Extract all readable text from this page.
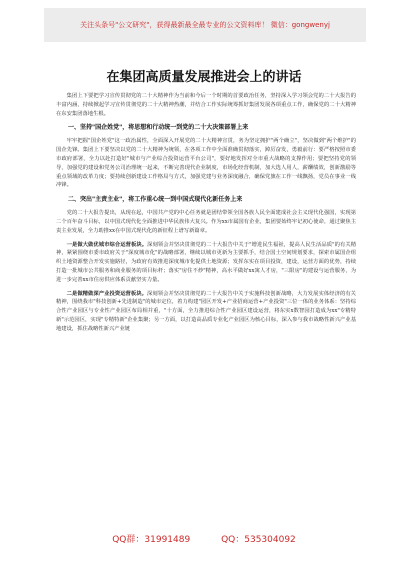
关注头条号"公文研究"，获得最新最全最专业的公文资料库！ 微信：gongwenyj
在集团高质量发展推进会上的讲话

集团上下要把学习宣传贯彻党的二十大精神作为当前和今后一个时期的首要政治任务，坚持深入学习领会党的二十大报告的丰富内涵，持续掀起学习宣传贯彻党的二十大精神热潮，并结合工作实际统筹抓好集团发展各项重点工作，确保党的二十大精神在东安集团落地生根。

一、坚持"国企姓党"，将思想和行动统一到党的二十大决策部署上来

牢牢把握"国企姓党"这一政治属性，全面深入开展党的二十大精神宣贯，务为坚定拥护"两个确立"，坚决做到"两个维护"的国企先锋。集团上下要坚决以党的二十大精神为统领，在各项工作中全面准确贯彻落实，踔厉奋发，勇毅前行：要严格按照市委市政府部署，全力以赴打造好"城市与产业综合投资运营平台公司"，要好地发挥对全市重大战略的支撑作用；要把坚持党的领导，加强党的建设和党务公司治理统一起来，不断完善现代企业制度，市场化经营机制，加大选人用人，薪酬绩效，创新激励等重点领域的改革力度；要持续创新建设工作格局与方式，加强党建与业务深度融合，确保党旗在工作一线飘扬，党员在事业一线冲锋。

二、突出"主责主业"，将工作重心统一到中国式现代化新任务上来

党的二十大报告提出，从现在起，中国共产党的中心任务就是团结带领全国各族人民全面建成社会主义现代化强国，实现第二个百年奋斗目标，以中国式现代化全面推进中华民族伟大复兴。作为xx市属国有企业，集团要始终牢记初心使命，通过聚焦主责主业发展，全力助推xx在中国式现代化的新征程上谱写新篇章。

一是做大做优城市综合运营板块。深刻领会并坚决贯彻党的二十大报告中关于"增进民生福祉，提高人民生活品质"的有关精神，紧紧围绕市委市政府关于"深度城市化"的战略部署，继续以城市更新为主要抓手，结合国土空间规划要求，探索市属国企组织土地资源整合开发实施路径，为政府有效推进深度城市化提供土地资源；发挥东实在项目投资，建设，运营方面的优势，持续打造一批城市公共服务和商业服务的项目标杆；落实"房住不炒"精神，高水平做好xx寓人才房，"三限房"的建设与运营服务，为进一步完善xx市住房供应体系贡献坚实力量。

二是做精做深产业投资运营板块。深刻领会并坚决贯彻党的二十大报告中关于实施科技创新战略，大力发展实体经济的有关精神，围绕我市"科技创新+先进制造"的城市定位，着力构建"园区开发+产业招商运营+产业投资"三位一体的业务体系：坚持综合性产业园区与专业性产业园区布局相并重，"十方面，全力推进综合性产业园区建设运营，将东实x数智园打造成为xx"专精特新"示范园区，实现"专精特新"企业集聚；另一方面，以打造高品质专业化产业园区为核心目标，深入参与我市战略性新兴产业基地建设，抓住战略性新兴产业链

QQ群：31991489	QQ：535304092
